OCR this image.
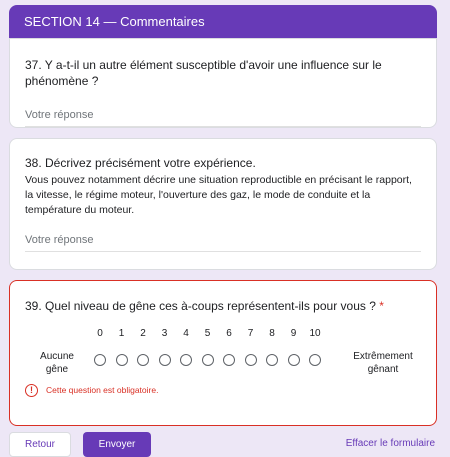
SECTION 14 — Commentaires
37. Y a-t-il un autre élément susceptible d'avoir une influence sur le phénomène ?
Votre réponse
38. Décrivez précisément votre expérience.
Vous pouvez notamment décrire une situation reproductible en précisant le rapport, la vitesse, le régime moteur, l'ouverture des gaz, le mode de conduite et la température du moteur.
Votre réponse
39. Quel niveau de gêne ces à-coups représentent-ils pour vous ? *
0 1 2 3 4 5 6 7 8 9 10
Aucune gêne
Extrêmement gênant
!	Cette question est obligatoire.
Retour	Envoyer	Effacer le formulaire
